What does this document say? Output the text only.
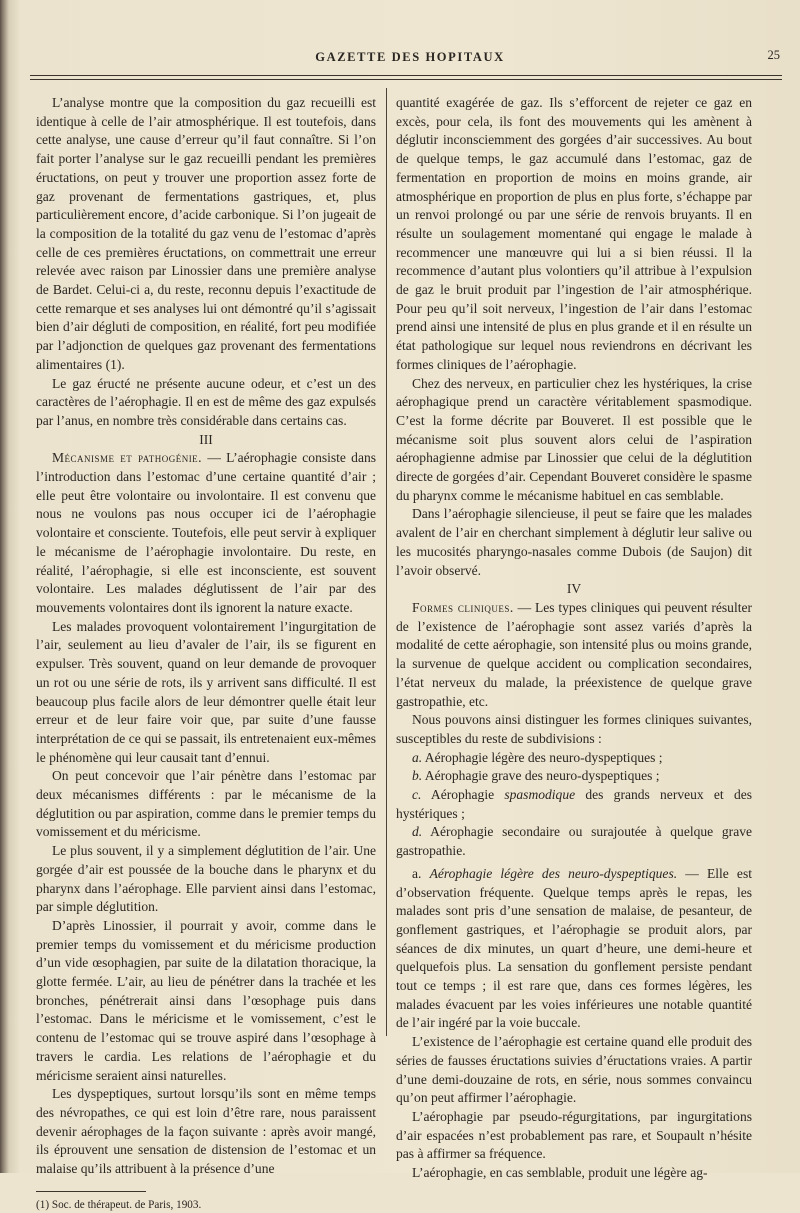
GAZETTE DES HOPITAUX	25

L’analyse montre que la composition du gaz recueilli est identique à celle de l’air atmosphérique. Il est toutefois, dans cette analyse, une cause d’erreur qu’il faut connaître. Si l’on fait porter l’analyse sur le gaz recueilli pendant les premières éructations, on peut y trouver une proportion assez forte de gaz provenant de fermentations gastriques, et, plus particulièrement encore, d’acide carbonique. Si l’on jugeait de la composition de la totalité du gaz venu de l’estomac d’après celle de ces premières éructations, on commettrait une erreur relevée avec raison par Linossier dans une première analyse de Bardet. Celui-ci a, du reste, reconnu depuis l’exactitude de cette remarque et ses analyses lui ont démontré qu’il s’agissait bien d’air dégluti de composition, en réalité, fort peu modifiée par l’adjonction de quelques gaz provenant des fermentations alimentaires (1).

Le gaz éructé ne présente aucune odeur, et c’est un des caractères de l’aérophagie. Il en est de même des gaz expulsés par l’anus, en nombre très considérable dans certains cas.

III

Mécanisme et pathogénie. — L’aérophagie consiste dans l’introduction dans l’estomac d’une certaine quantité d’air ; elle peut être volontaire ou involontaire. Il est convenu que nous ne voulons pas nous occuper ici de l’aérophagie volontaire et consciente. Toutefois, elle peut servir à expliquer le mécanisme de l’aérophagie involontaire. Du reste, en réalité, l’aérophagie, si elle est inconsciente, est souvent volontaire. Les malades déglutissent de l’air par des mouvements volontaires dont ils ignorent la nature exacte.

Les malades provoquent volontairement l’ingurgitation de l’air, seulement au lieu d’avaler de l’air, ils se figurent en expulser. Très souvent, quand on leur demande de provoquer un rot ou une série de rots, ils y arrivent sans difficulté. Il est beaucoup plus facile alors de leur démontrer quelle était leur erreur et de leur faire voir que, par suite d’une fausse interprétation de ce qui se passait, ils entretenaient eux-mêmes le phénomène qui leur causait tant d’ennui.

On peut concevoir que l’air pénètre dans l’estomac par deux mécanismes différents : par le mécanisme de la déglutition ou par aspiration, comme dans le premier temps du vomissement et du méricisme.

Le plus souvent, il y a simplement déglutition de l’air. Une gorgée d’air est poussée de la bouche dans le pharynx et du pharynx dans l’aérophage. Elle parvient ainsi dans l’estomac, par simple déglutition.

D’après Linossier, il pourrait y avoir, comme dans le premier temps du vomissement et du méricisme production d’un vide œsophagien, par suite de la dilatation thoracique, la glotte fermée. L’air, au lieu de pénétrer dans la trachée et les bronches, pénétrerait ainsi dans l’œsophage puis dans l’estomac. Dans le méricisme et le vomissement, c’est le contenu de l’estomac qui se trouve aspiré dans l’œsophage à travers le cardia. Les relations de l’aérophagie et du méricisme seraient ainsi naturelles.

Les dyspeptiques, surtout lorsqu’ils sont en même temps des névropathes, ce qui est loin d’être rare, nous paraissent devenir aérophages de la façon suivante : après avoir mangé, ils éprouvent une sensation de distension de l’estomac et un malaise qu’ils attribuent à la présence d’une

(1) Soc. de thérapeut. de Paris, 1903.

quantité exagérée de gaz. Ils s’efforcent de rejeter ce gaz en excès, pour cela, ils font des mouvements qui les amènent à déglutir inconsciemment des gorgées d’air successives. Au bout de quelque temps, le gaz accumulé dans l’estomac, gaz de fermentation en proportion de moins en moins grande, air atmosphérique en proportion de plus en plus forte, s’échappe par un renvoi prolongé ou par une série de renvois bruyants. Il en résulte un soulagement momentané qui engage le malade à recommencer une manœuvre qui lui a si bien réussi. Il la recommence d’autant plus volontiers qu’il attribue à l’expulsion de gaz le bruit produit par l’ingestion de l’air atmosphérique. Pour peu qu’il soit nerveux, l’ingestion de l’air dans l’estomac prend ainsi une intensité de plus en plus grande et il en résulte un état pathologique sur lequel nous reviendrons en décrivant les formes cliniques de l’aérophagie.

Chez des nerveux, en particulier chez les hystériques, la crise aérophagique prend un caractère véritablement spasmodique. C’est la forme décrite par Bouveret. Il est possible que le mécanisme soit plus souvent alors celui de l’aspiration aérophagienne admise par Linossier que celui de la déglutition directe de gorgées d’air. Cependant Bouveret considère le spasme du pharynx comme le mécanisme habituel en cas semblable.

Dans l’aérophagie silencieuse, il peut se faire que les malades avalent de l’air en cherchant simplement à déglutir leur salive ou les mucosités pharyngo-nasales comme Dubois (de Saujon) dit l’avoir observé.

IV

Formes cliniques. — Les types cliniques qui peuvent résulter de l’existence de l’aérophagie sont assez variés d’après la modalité de cette aérophagie, son intensité plus ou moins grande, la survenue de quelque accident ou complication secondaires, l’état nerveux du malade, la préexistence de quelque grave gastropathie, etc.

Nous pouvons ainsi distinguer les formes cliniques suivantes, susceptibles du reste de subdivisions :

a. Aérophagie légère des neuro-dyspeptiques ;

b. Aérophagie grave des neuro-dyspeptiques ;

c. Aérophagie spasmodique des grands nerveux et des hystériques ;

d. Aérophagie secondaire ou surajoutée à quelque grave gastropathie.

a. Aérophagie légère des neuro-dyspeptiques. — Elle est d’observation fréquente. Quelque temps après le repas, les malades sont pris d’une sensation de malaise, de pesanteur, de gonflement gastriques, et l’aérophagie se produit alors, par séances de dix minutes, un quart d’heure, une demi-heure et quelquefois plus. La sensation du gonflement persiste pendant tout ce temps ; il est rare que, dans ces formes légères, les malades évacuent par les voies inférieures une notable quantité de l’air ingéré par la voie buccale.

L’existence de l’aérophagie est certaine quand elle produit des séries de fausses éructations suivies d’éructations vraies. A partir d’une demi-douzaine de rots, en série, nous sommes convaincu qu’on peut affirmer l’aérophagie.

L’aérophagie par pseudo-régurgitations, par ingurgitations d’air espacées n’est probablement pas rare, et Soupault n’hésite pas à affirmer sa fréquence.

L’aérophagie, en cas semblable, produit une légère ag-
